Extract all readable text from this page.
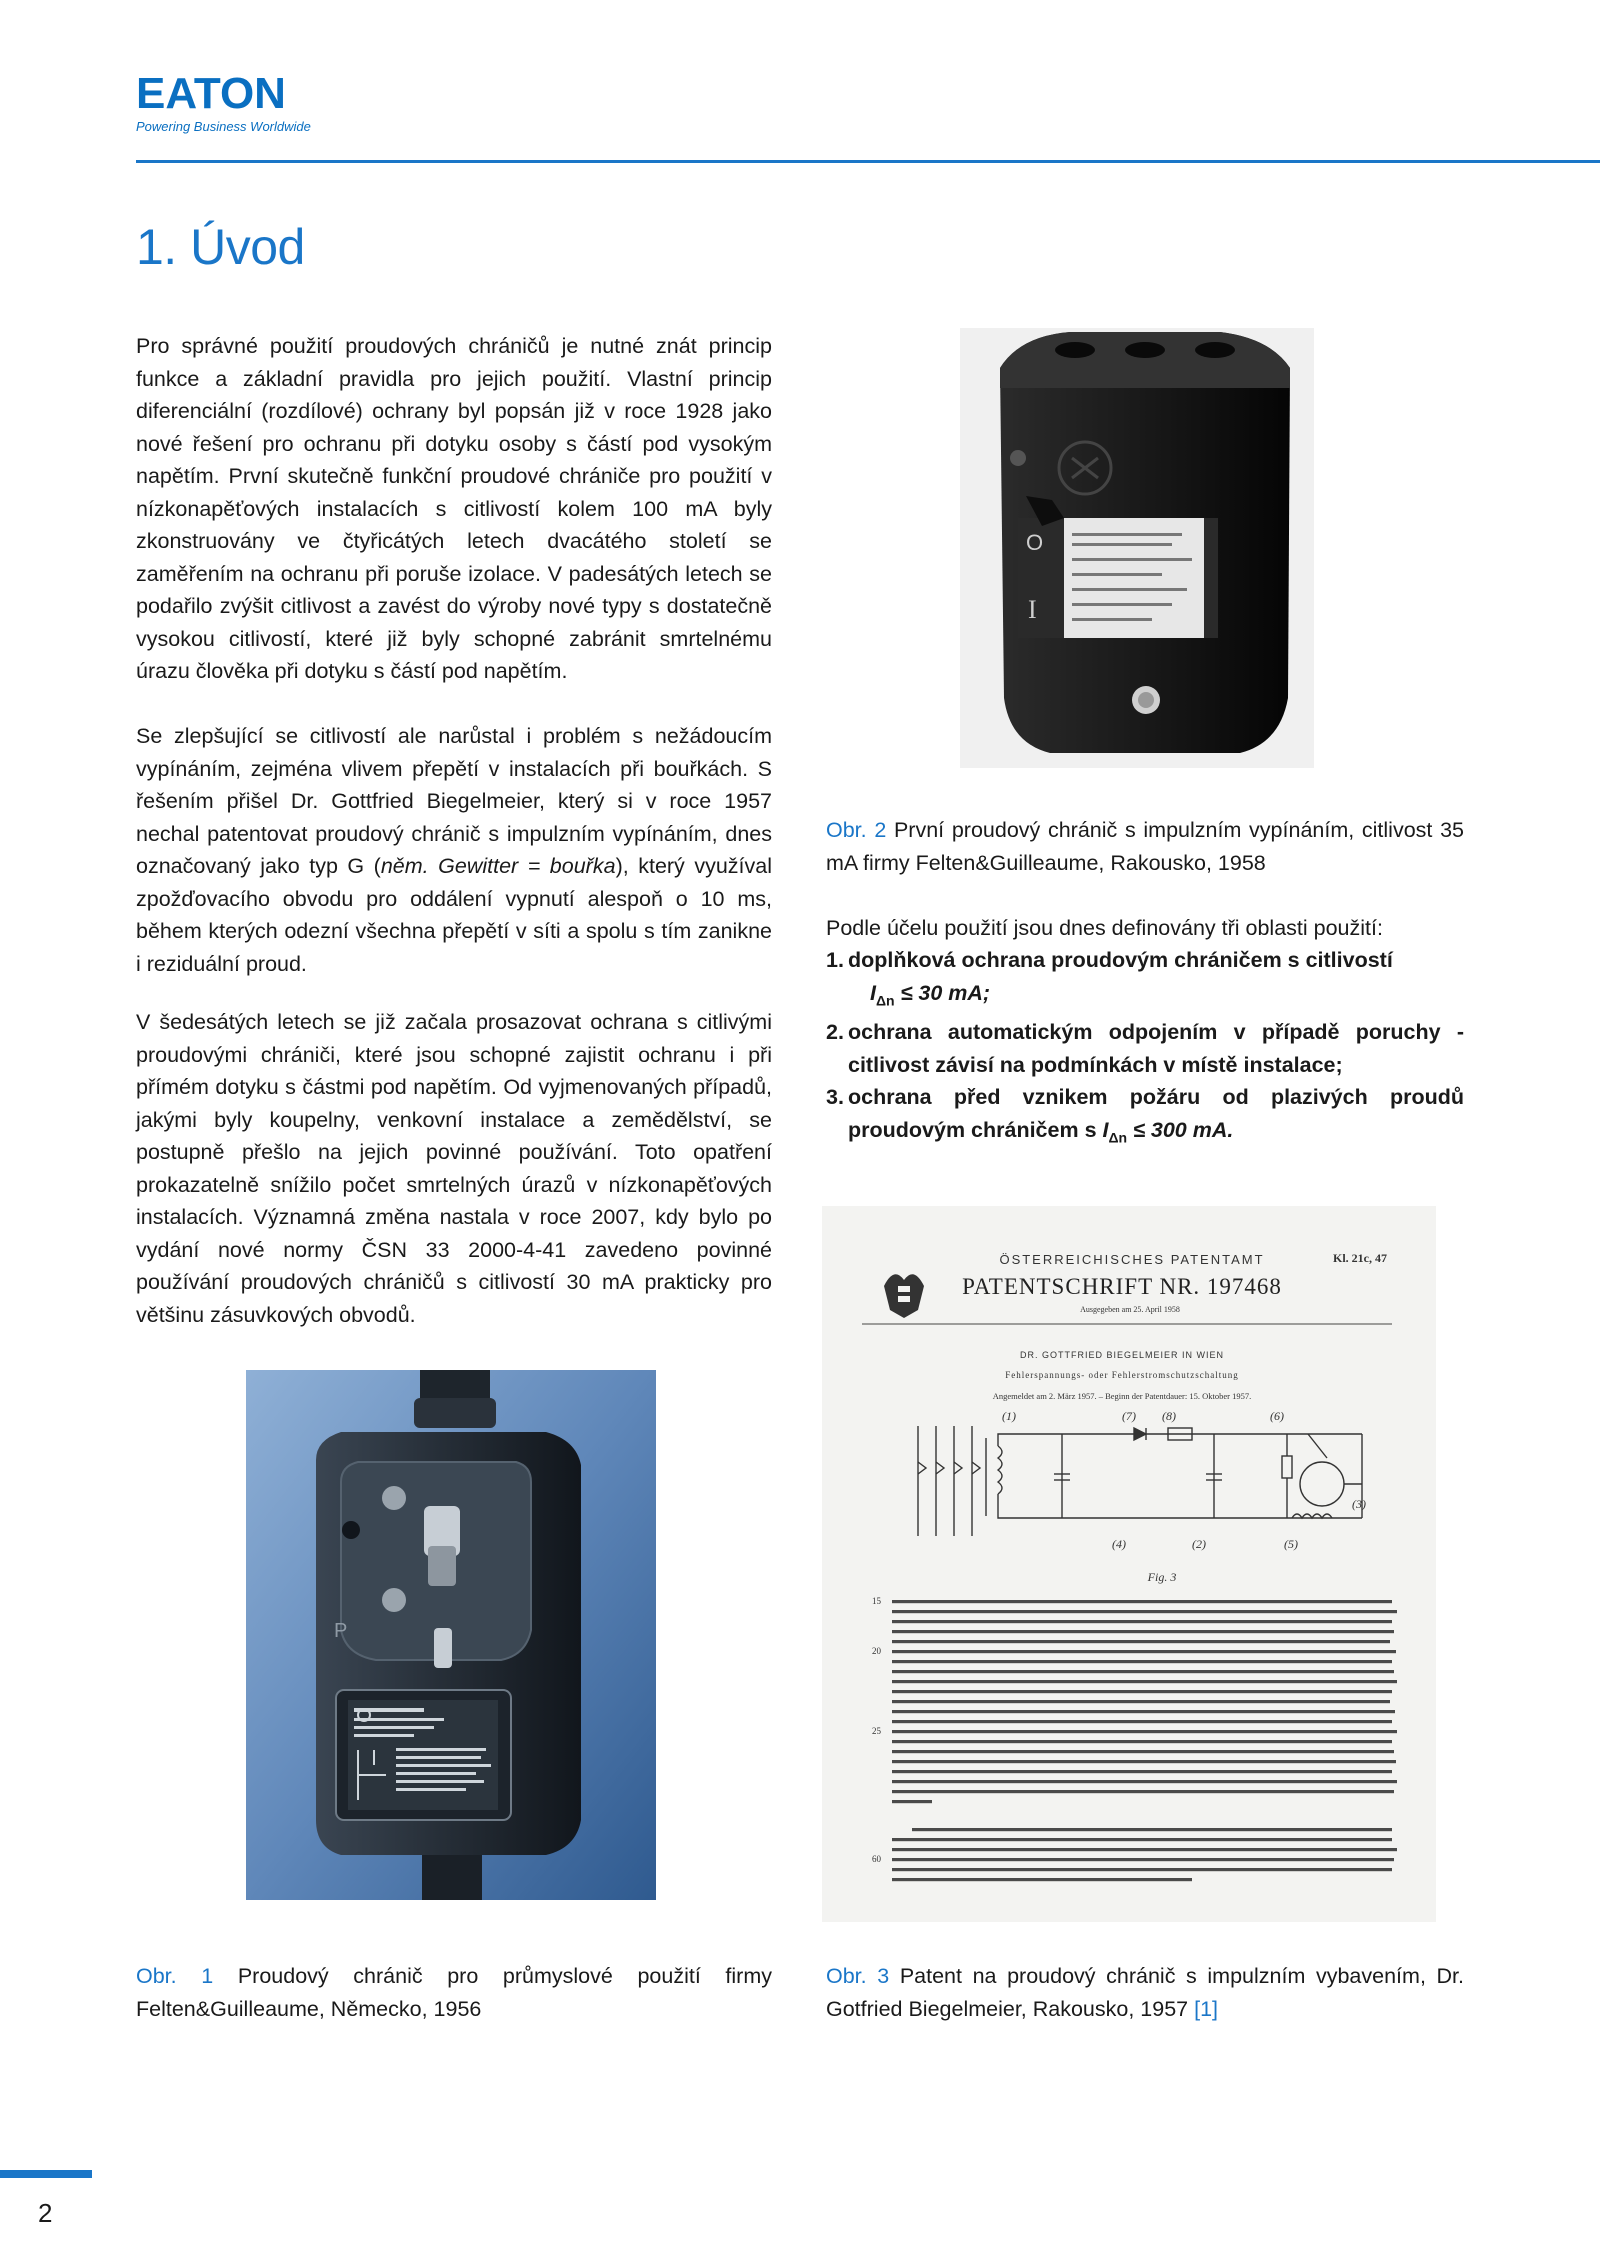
EATON
Powering Business Worldwide
1. Úvod

Pro správné použití proudových chráničů je nutné znát princip funkce a základní pravidla pro jejich použití. Vlastní princip diferenciální (rozdílové) ochrany byl popsán již v roce 1928 jako nové řešení pro ochranu při dotyku osoby s částí pod vysokým napětím. První skutečně funkční proudové chrániče pro použití v nízkonapěťových instalacích s citlivostí kolem 100 mA byly zkonstruovány ve čtyřicátých letech dvacátého století se zaměřením na ochranu při poruše izolace. V padesátých letech se podařilo zvýšit citlivost a zavést do výroby nové typy s dostatečně vysokou citlivostí, které již byly schopné zabránit smrtelnému úrazu člověka při dotyku s částí pod napětím.

Se zlepšující se citlivostí ale narůstal i problém s nežádoucím vypínáním, zejména vlivem přepětí v instalacích při bouřkách. S řešením přišel Dr. Gottfried Biegelmeier, který si v roce 1957 nechal patentovat proudový chránič s impulzním vypínáním, dnes označovaný jako typ G (něm. Gewitter = bouřka), který využíval zpožďovacího obvodu pro oddálení vypnutí alespoň o 10 ms, během kterých odezní všechna přepětí v síti a spolu s tím zanikne i reziduální proud.

V šedesátých letech se již začala prosazovat ochrana s citlivými proudovými chrániči, které jsou schopné zajistit ochranu i při přímém dotyku s částmi pod napětím. Od vyjmenovaných případů, jakými byly koupelny, venkovní instalace a zemědělství, se postupně přešlo na jejich povinné používání. Toto opatření prokazatelně snížilo počet smrtelných úrazů v nízkonapěťových instalacích. Významná změna nastala v roce 2007, kdy bylo po vydání nové normy ČSN 33 2000-4-41 zavedeno povinné používání proudových chráničů s citlivostí 30 mA prakticky pro většinu zásuvkových obvodů.

P

Obr. 1 Proudový chránič pro průmyslové použití firmy Felten&Guilleaume, Německo, 1956

O
I

Obr. 2 První proudový chránič s impulzním vypínáním, citlivost 35 mA firmy Felten&Guilleaume, Rakousko, 1958

Podle účelu použití jsou dnes definovány tři oblasti použití:

1. doplňková ochrana proudovým chráničem s citlivostí
$I_{\Delta n} \le 30$ mA;
2. ochrana automatickým odpojením v případě poruchy - citlivost závisí na podmínkách v místě instalace;
3. ochrana před vznikem požáru od plazivých proudů proudovým chráničem s $I_{\Delta n} \le 300$ mA.
ÖSTERREICHISCHES PATENTAMT	Kl. 21c, 47
PATENTSCHRIFT NR. 197468
Ausgegeben am 25. April 1958
DR. GOTTFRIED BIEGELMEIER IN WIEN
Fehlerspannungs- oder Fehlerstromschutzschaltung
Angemeldet am 2. März 1957. – Beginn der Patentdauer: 15. Oktober 1957.
(1)	(7) (8)	(6)
(3)
(4)	(2)	(5)
Fig. 3
15
20
25
60

Obr. 3 Patent na proudový chránič s impulzním vybavením, Dr. Gotfried Biegelmeier, Rakousko, 1957 [1]

2
